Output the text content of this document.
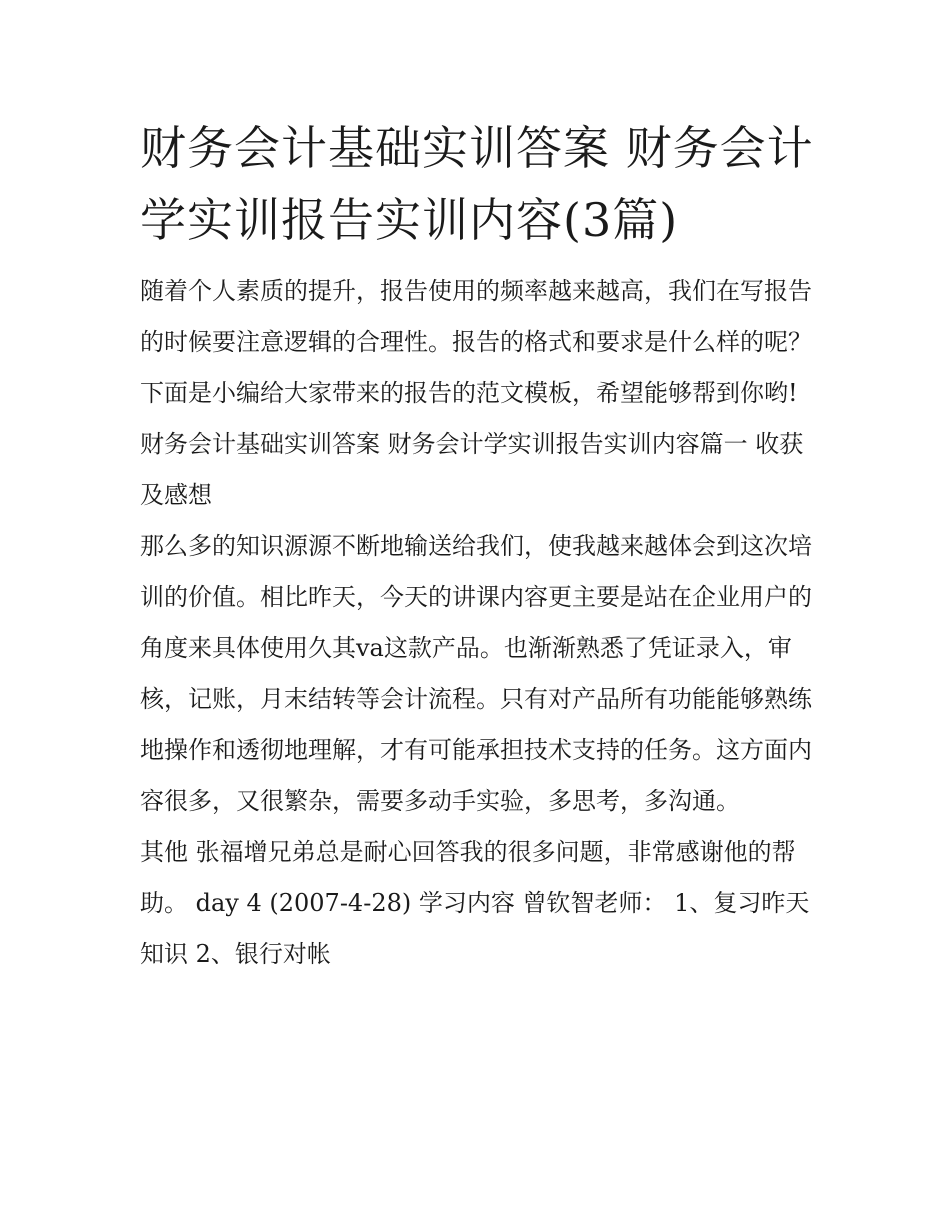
财务会计基础实训答案 财务会计学实训报告实训内容(3篇)

随着个人素质的提升，报告使用的频率越来越高，我们在写报告的时候要注意逻辑的合理性。报告的格式和要求是什么样的呢？下面是小编给大家带来的报告的范文模板，希望能够帮到你哟!

财务会计基础实训答案 财务会计学实训报告实训内容篇一 收获及感想

那么多的知识源源不断地输送给我们，使我越来越体会到这次培训的价值。相比昨天，今天的讲课内容更主要是站在企业用户的角度来具体使用久其va这款产品。也渐渐熟悉了凭证录入，审核，记账，月末结转等会计流程。只有对产品所有功能能够熟练地操作和透彻地理解，才有可能承担技术支持的任务。这方面内容很多，又很繁杂，需要多动手实验，多思考，多沟通。

其他 张福增兄弟总是耐心回答我的很多问题，非常感谢他的帮助。 day 4 (2007-4-28) 学习内容 曾钦智老师： 1、复习昨天知识 2、银行对帐
